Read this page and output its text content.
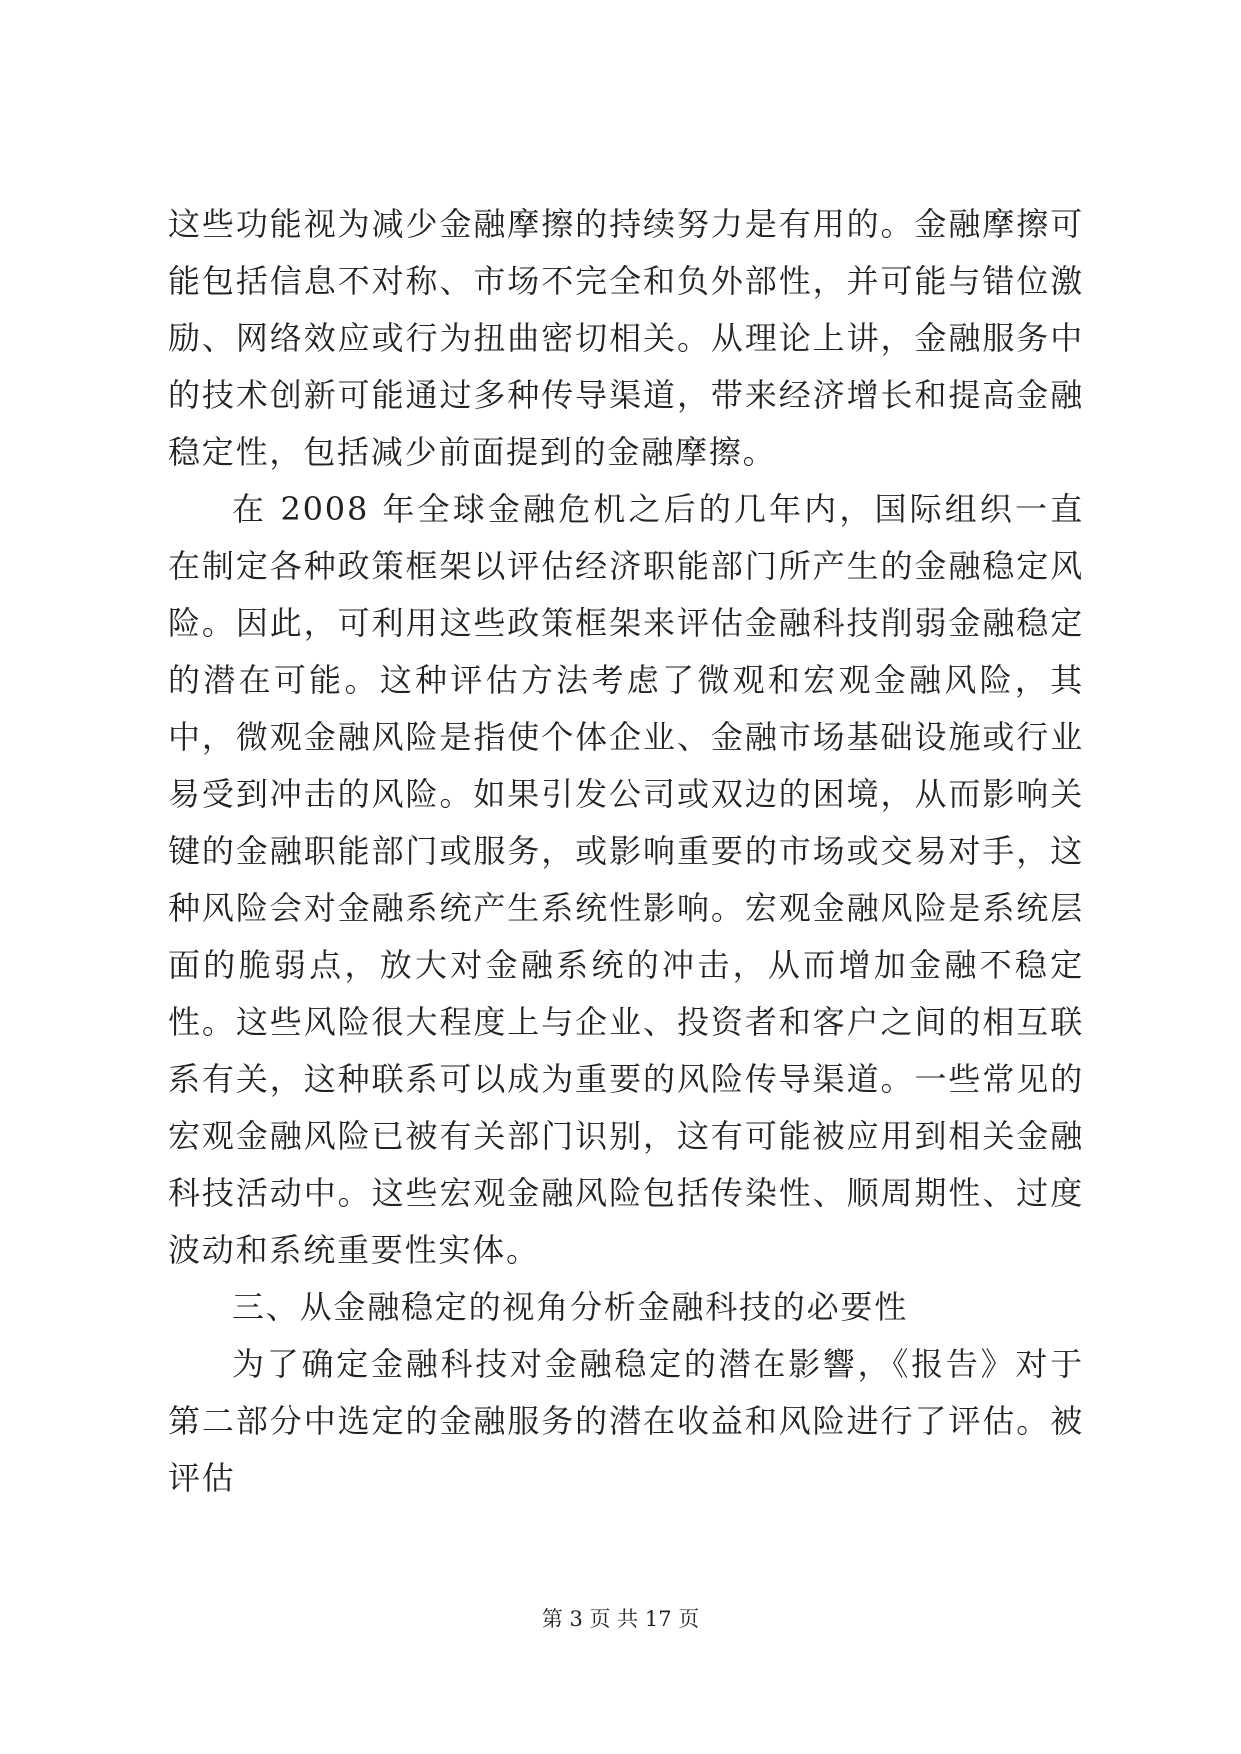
这些功能视为减少金融摩擦的持续努力是有用的。金融摩擦可能包括信息不对称、市场不完全和负外部性，并可能与错位激励、网络效应或行为扭曲密切相关。从理论上讲，金融服务中的技术创新可能通过多种传导渠道，带来经济增长和提高金融稳定性，包括减少前面提到的金融摩擦。

在 2008 年全球金融危机之后的几年内，国际组织一直在制定各种政策框架以评估经济职能部门所产生的金融稳定风险。因此，可利用这些政策框架来评估金融科技削弱金融稳定的潜在可能。这种评估方法考虑了微观和宏观金融风险，其中，微观金融风险是指使个体企业、金融市场基础设施或行业易受到冲击的风险。如果引发公司或双边的困境，从而影响关键的金融职能部门或服务，或影响重要的市场或交易对手，这种风险会对金融系统产生系统性影响。宏观金融风险是系统层面的脆弱点，放大对金融系统的冲击，从而增加金融不稳定性。这些风险很大程度上与企业、投资者和客户之间的相互联系有关，这种联系可以成为重要的风险传导渠道。一些常见的宏观金融风险已被有关部门识别，这有可能被应用到相关金融科技活动中。这些宏观金融风险包括传染性、顺周期性、过度波动和系统重要性实体。

三、从金融稳定的视角分析金融科技的必要性

为了确定金融科技对金融稳定的潜在影響，《报告》对于第二部分中选定的金融服务的潜在收益和风险进行了评估。被评估

第 3 页 共 17 页
